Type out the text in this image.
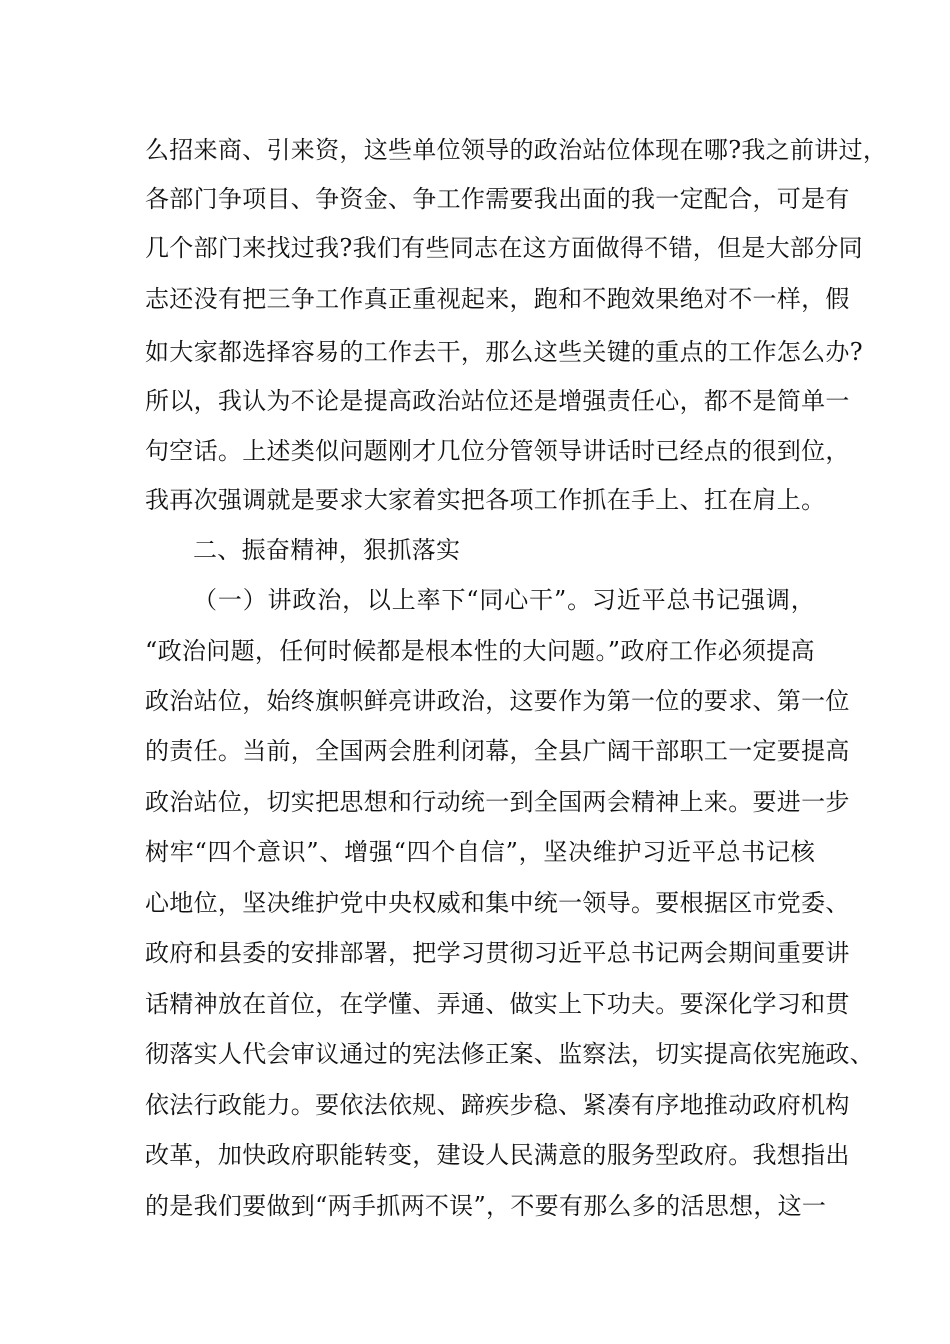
么招来商、引来资，这些单位领导的政治站位体现在哪?我之前讲过，
各部门争项目、争资金、争工作需要我出面的我一定配合，可是有
几个部门来找过我?我们有些同志在这方面做得不错，但是大部分同
志还没有把三争工作真正重视起来，跑和不跑效果绝对不一样，假
如大家都选择容易的工作去干，那么这些关键的重点的工作怎么办?
所以，我认为不论是提高政治站位还是增强责任心，都不是简单一
句空话。上述类似问题刚才几位分管领导讲话时已经点的很到位，
我再次强调就是要求大家着实把各项工作抓在手上、扛在肩上。
二、振奋精神，狠抓落实
（一）讲政治，以上率下“同心干”。习近平总书记强调，
“政治问题，任何时候都是根本性的大问题。”政府工作必须提高
政治站位，始终旗帜鲜亮讲政治，这要作为第一位的要求、第一位
的责任。当前，全国两会胜利闭幕，全县广阔干部职工一定要提高
政治站位，切实把思想和行动统一到全国两会精神上来。要进一步
树牢“四个意识”、增强“四个自信”，坚决维护习近平总书记核
心地位，坚决维护党中央权威和集中统一领导。要根据区市党委、
政府和县委的安排部署，把学习贯彻习近平总书记两会期间重要讲
话精神放在首位，在学懂、弄通、做实上下功夫。要深化学习和贯
彻落实人代会审议通过的宪法修正案、监察法，切实提高依宪施政、
依法行政能力。要依法依规、蹄疾步稳、紧凑有序地推动政府机构
改革，加快政府职能转变，建设人民满意的服务型政府。我想指出
的是我们要做到“两手抓两不误”，不要有那么多的活思想，这一
